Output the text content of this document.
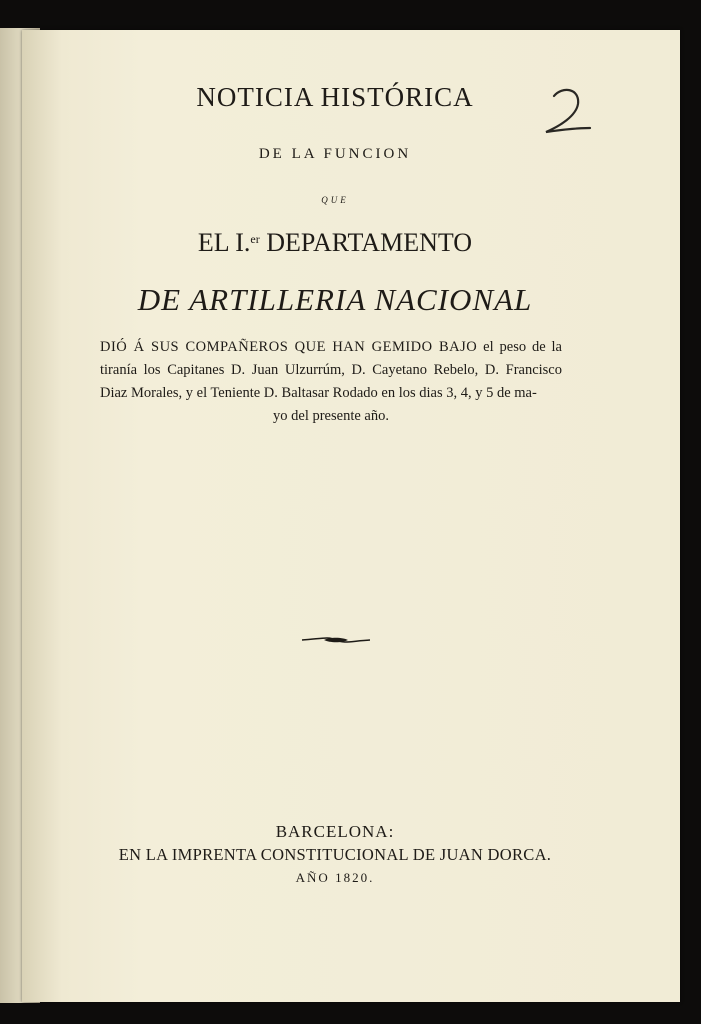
NOTICIA HISTÓRICA
DE LA FUNCION
QUE
EL I.$^{er}$ DEPARTAMENTO
DE ARTILLERIA NACIONAL
DIÓ Á SUS COMPAÑEROS QUE HAN GEMIDO BAJO el peso de la tiranía los Capitanes D. Juan Ulzurrúm, D. Cayetano Rebelo, D. Francisco Diaz Morales, y el Teniente D. Baltasar Rodado en los dias 3, 4, y 5 de ma-
yo del presente año.
BARCELONA:
EN LA IMPRENTA CONSTITUCIONAL DE JUAN DORCA.
AÑO 1820.
